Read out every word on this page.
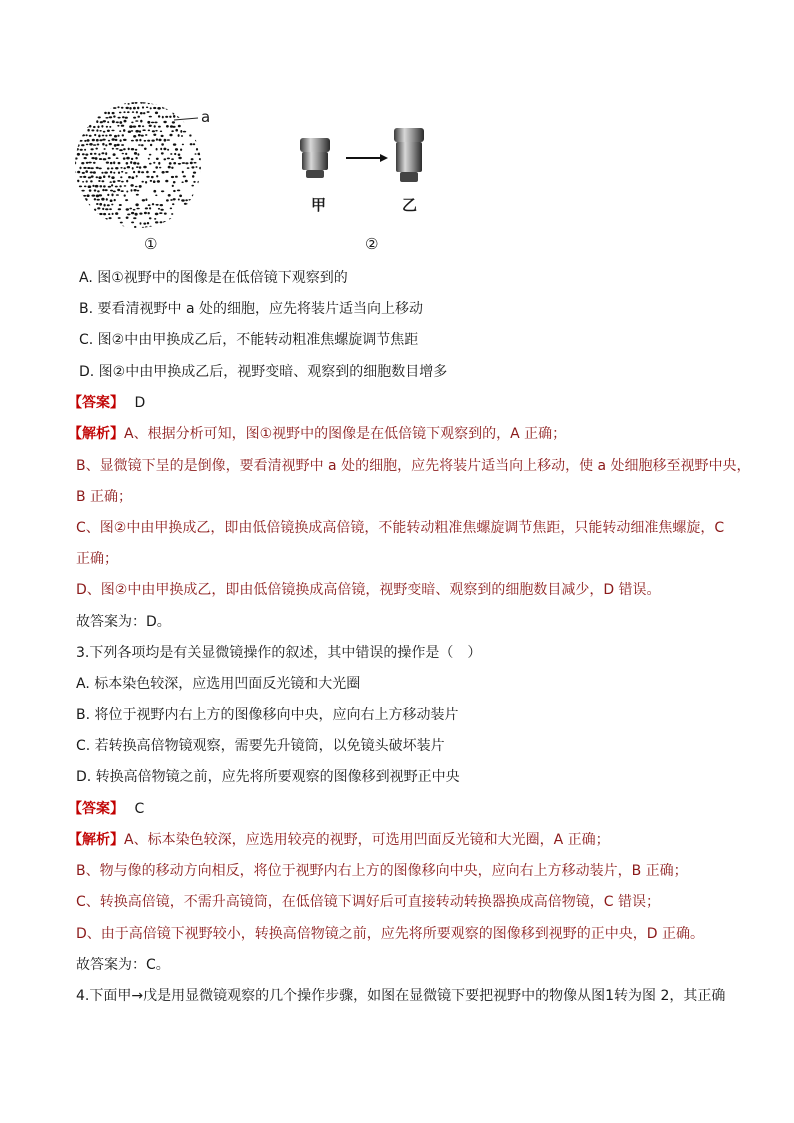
a
①
甲	乙
②
A. 图①视野中的图像是在低倍镜下观察到的
B. 要看清视野中 a 处的细胞，应先将装片适当向上移动
C. 图②中由甲换成乙后，不能转动粗准焦螺旋调节焦距
D. 图②中由甲换成乙后，视野变暗、观察到的细胞数目增多
【答案】 D
【解析】A、根据分析可知，图①视野中的图像是在低倍镜下观察到的，A 正确；
B、显微镜下呈的是倒像，要看清视野中 a 处的细胞，应先将装片适当向上移动，使 a 处细胞移至视野中央，
B 正确；
C、图②中由甲换成乙，即由低倍镜换成高倍镜，不能转动粗准焦螺旋调节焦距，只能转动细准焦螺旋，C
正确；
D、图②中由甲换成乙，即由低倍镜换成高倍镜，视野变暗、观察到的细胞数目减少，D 错误。
故答案为：D。
3.下列各项均是有关显微镜操作的叙述，其中错误的操作是（　）
A. 标本染色较深，应选用凹面反光镜和大光圈
B. 将位于视野内右上方的图像移向中央，应向右上方移动装片
C. 若转换高倍物镜观察，需要先升镜筒，以免镜头破坏装片
D. 转换高倍物镜之前，应先将所要观察的图像移到视野正中央
【答案】 C
【解析】A、标本染色较深，应选用较亮的视野，可选用凹面反光镜和大光圈，A 正确；
B、物与像的移动方向相反，将位于视野内右上方的图像移向中央，应向右上方移动装片，B 正确；
C、转换高倍镜，不需升高镜筒，在低倍镜下调好后可直接转动转换器换成高倍物镜，C 错误；
D、由于高倍镜下视野较小，转换高倍物镜之前，应先将所要观察的图像移到视野的正中央，D 正确。
故答案为：C。
4.下面甲→戊是用显微镜观察的几个操作步骤，如图在显微镜下要把视野中的物像从图1转为图 2，其正确
